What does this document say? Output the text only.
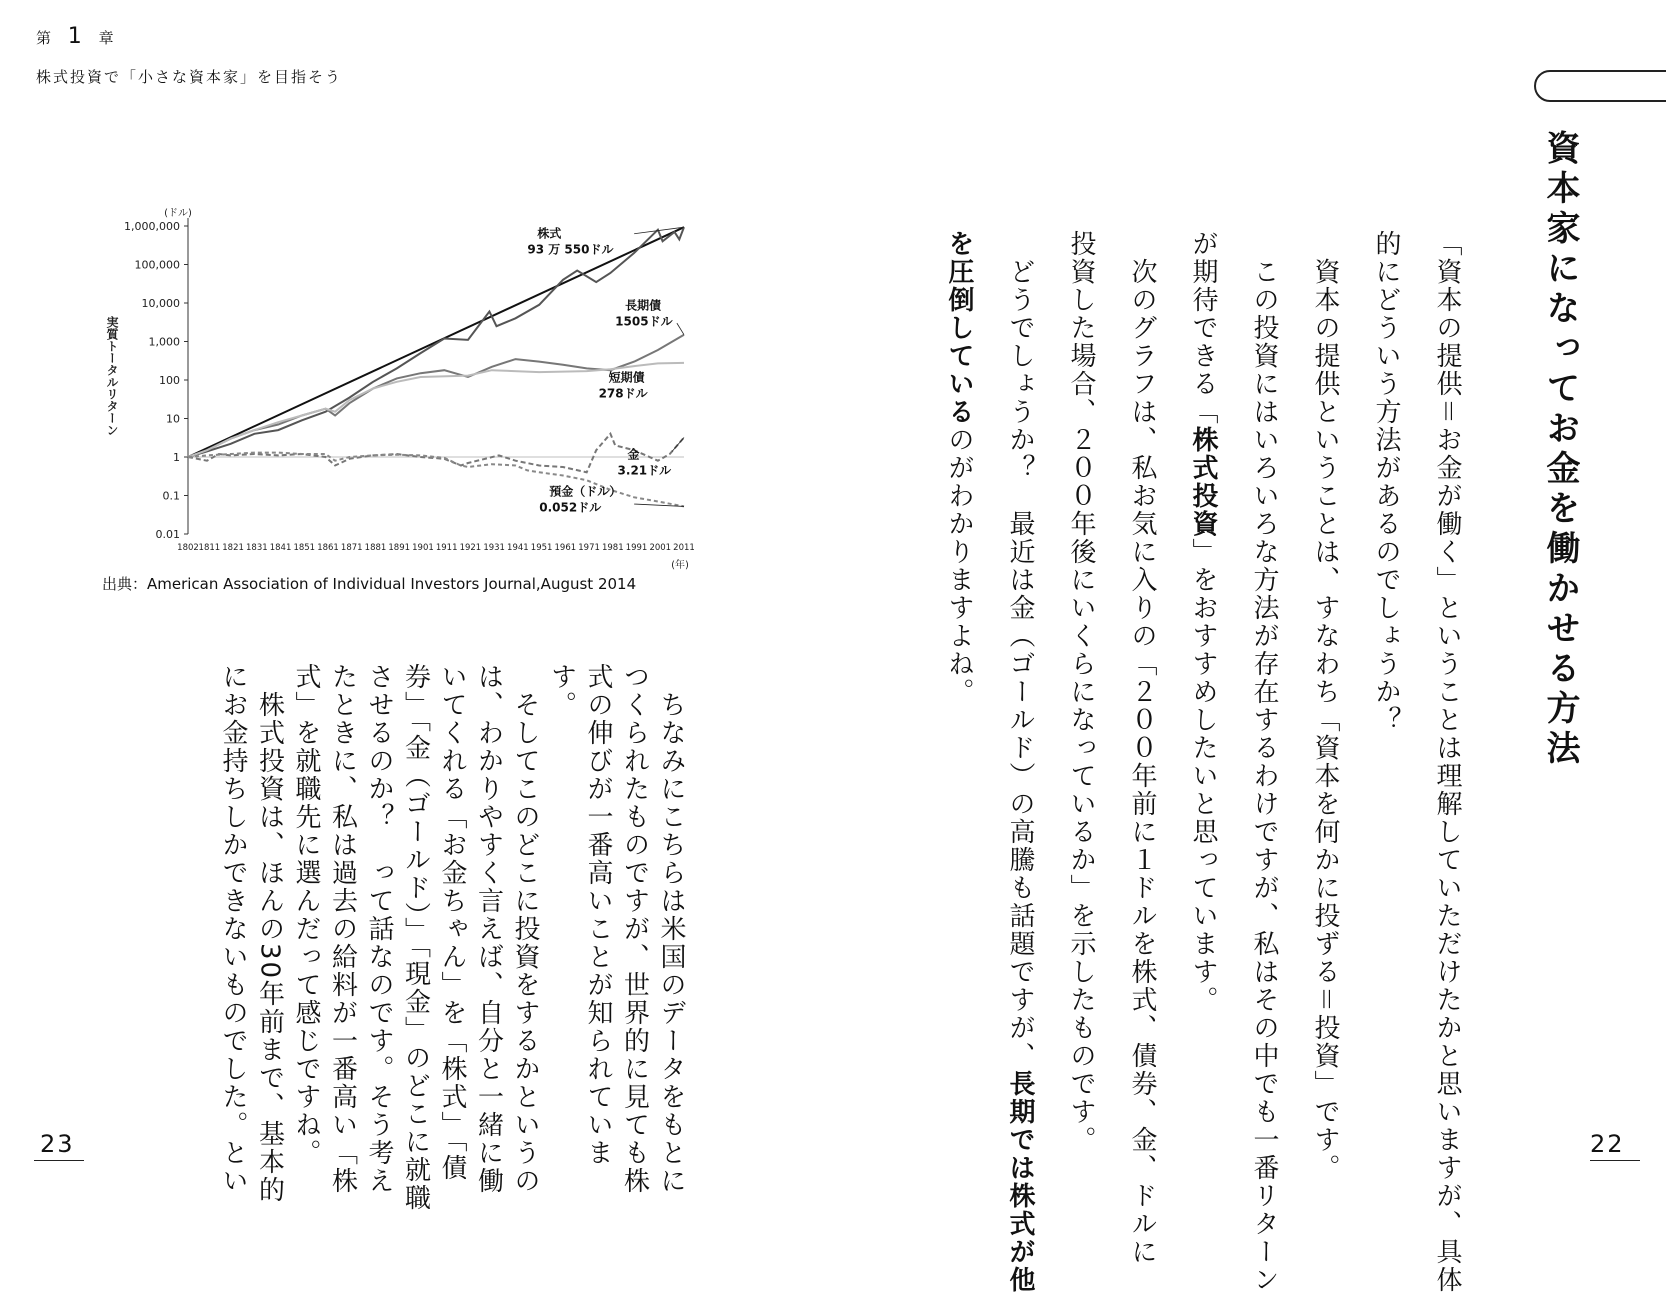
第 1 章
株式投資で「小さな資本家」を目指そう
資本家になってお金を働かせる方法
「資本の提供＝お金が働く」ということは理解していただけたかと思いますが、具体
的にどういう方法があるのでしょうか？
　資本の提供ということは、すなわち「資本を何かに投ずる＝投資」です。
　この投資にはいろいろな方法が存在するわけですが、私はその中でも一番リターン
が期待できる「株式投資」をおすすめしたいと思っています。
　次のグラフは、私お気に入りの「２００年前に１ドルを株式、債券、金、ドルに
投資した場合、２００年後にいくらになっているか」を示したものです。
　どうでしょうか？　最近は金（ゴールド）の高騰も話題ですが、長期では株式が他
を圧倒しているのがわかりますよね。
　ちなみにこちらは米国のデータをもとに
つくられたものですが、世界的に見ても株
式の伸びが一番高いことが知られていま
す。
　そしてこのどこに投資をするかというの
は、わかりやすく言えば、自分と一緒に働
いてくれる「お金ちゃん」を「株式」「債
券」「金（ゴールド）」「現金」のどこに就職
させるのか？　って話なのです。そう考え
たときに、私は過去の給料が一番高い「株
式」を就職先に選んだって感じですね。
　株式投資は、ほんの30年前まで、基本的
にお金持ちしかできないものでした。とい
(ドル)
(年)
1,000,000
100,000
10,000
1,000
100
10
1
0.1
0.01
1802 1811 1821 1831 1841 1851 1861 1871 1881 1891 1901 1911 1921 1931 1941 1951 1961 1971 1981 1991 2001 2011
実質トータルリターン
株式
93 万 550ドル
長期債
1505ドル
短期債
278ドル
金
3.21ドル
預金（ドル）
0.052ドル
出典：American Association of Individual Investors Journal,August 2014
23	22
